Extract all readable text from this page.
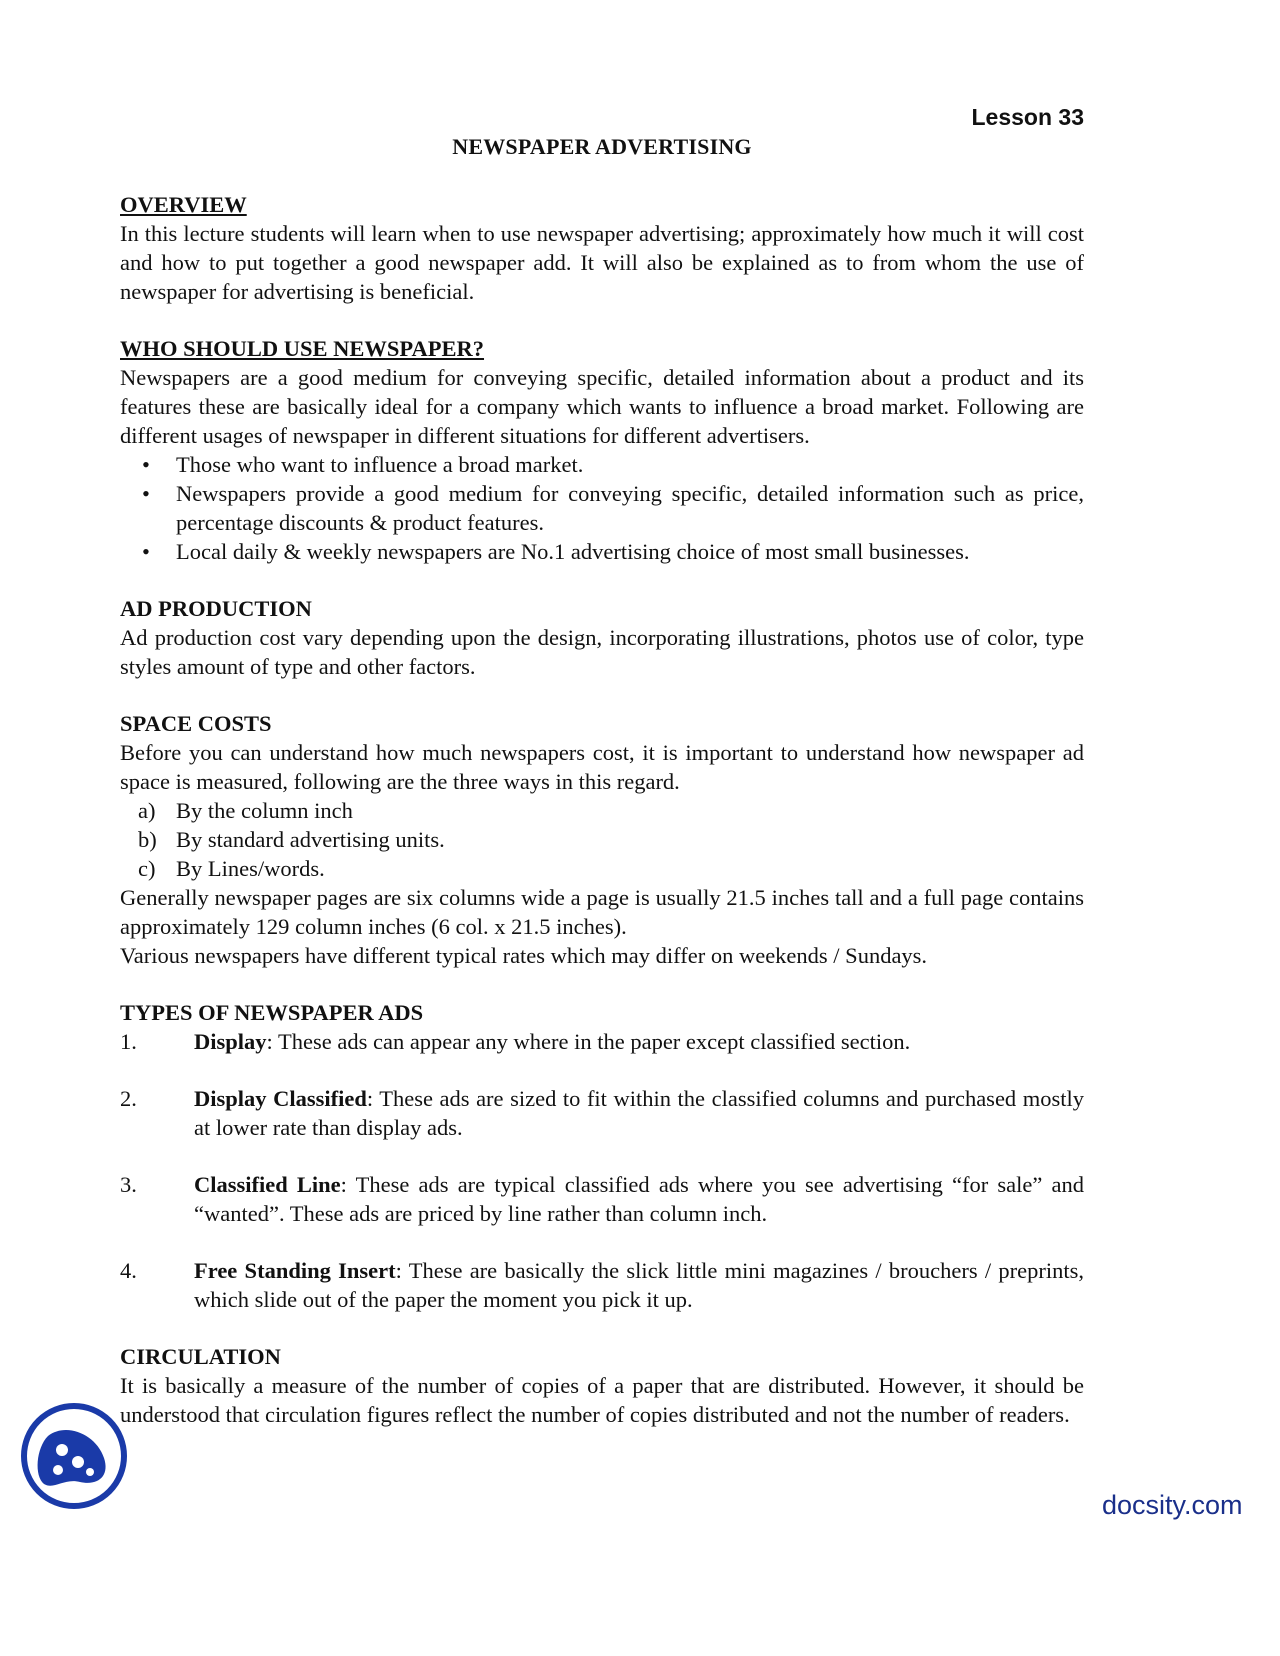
Lesson 33
NEWSPAPER ADVERTISING
OVERVIEW

In this lecture students will learn when to use newspaper advertising; approximately how much it will cost and how to put together a good newspaper add. It will also be explained as to from whom the use of newspaper for advertising is beneficial.

WHO SHOULD USE NEWSPAPER?

Newspapers are a good medium for conveying specific, detailed information about a product and its features these are basically ideal for a company which wants to influence a broad market. Following are different usages of newspaper in different situations for different advertisers.

• Those who want to influence a broad market.
• Newspapers provide a good medium for conveying specific, detailed information such as price, percentage discounts & product features.
• Local daily & weekly newspapers are No.1 advertising choice of most small businesses.
AD PRODUCTION

Ad production cost vary depending upon the design, incorporating illustrations, photos use of color, type styles amount of type and other factors.

SPACE COSTS

Before you can understand how much newspapers cost, it is important to understand how newspaper ad space is measured, following are the three ways in this regard.

a) By the column inch
b) By standard advertising units.
c) By Lines/words.

Generally newspaper pages are six columns wide a page is usually 21.5 inches tall and a full page contains approximately 129 column inches (6 col. x 21.5 inches).

Various newspapers have different typical rates which may differ on weekends / Sundays.

TYPES OF NEWSPAPER ADS
1.	Display: These ads can appear any where in the paper except classified section.
2.	Display Classified: These ads are sized to fit within the classified columns and purchased mostly at lower rate than display ads.
3.	Classified Line: These ads are typical classified ads where you see advertising “for sale” and “wanted”. These ads are priced by line rather than column inch.
4.	Free Standing Insert: These are basically the slick little mini magazines / brouchers / preprints, which slide out of the paper the moment you pick it up.
CIRCULATION

It is basically a measure of the number of copies of a paper that are distributed. However, it should be understood that circulation figures reflect the number of copies distributed and not the number of readers.

docsity.com
